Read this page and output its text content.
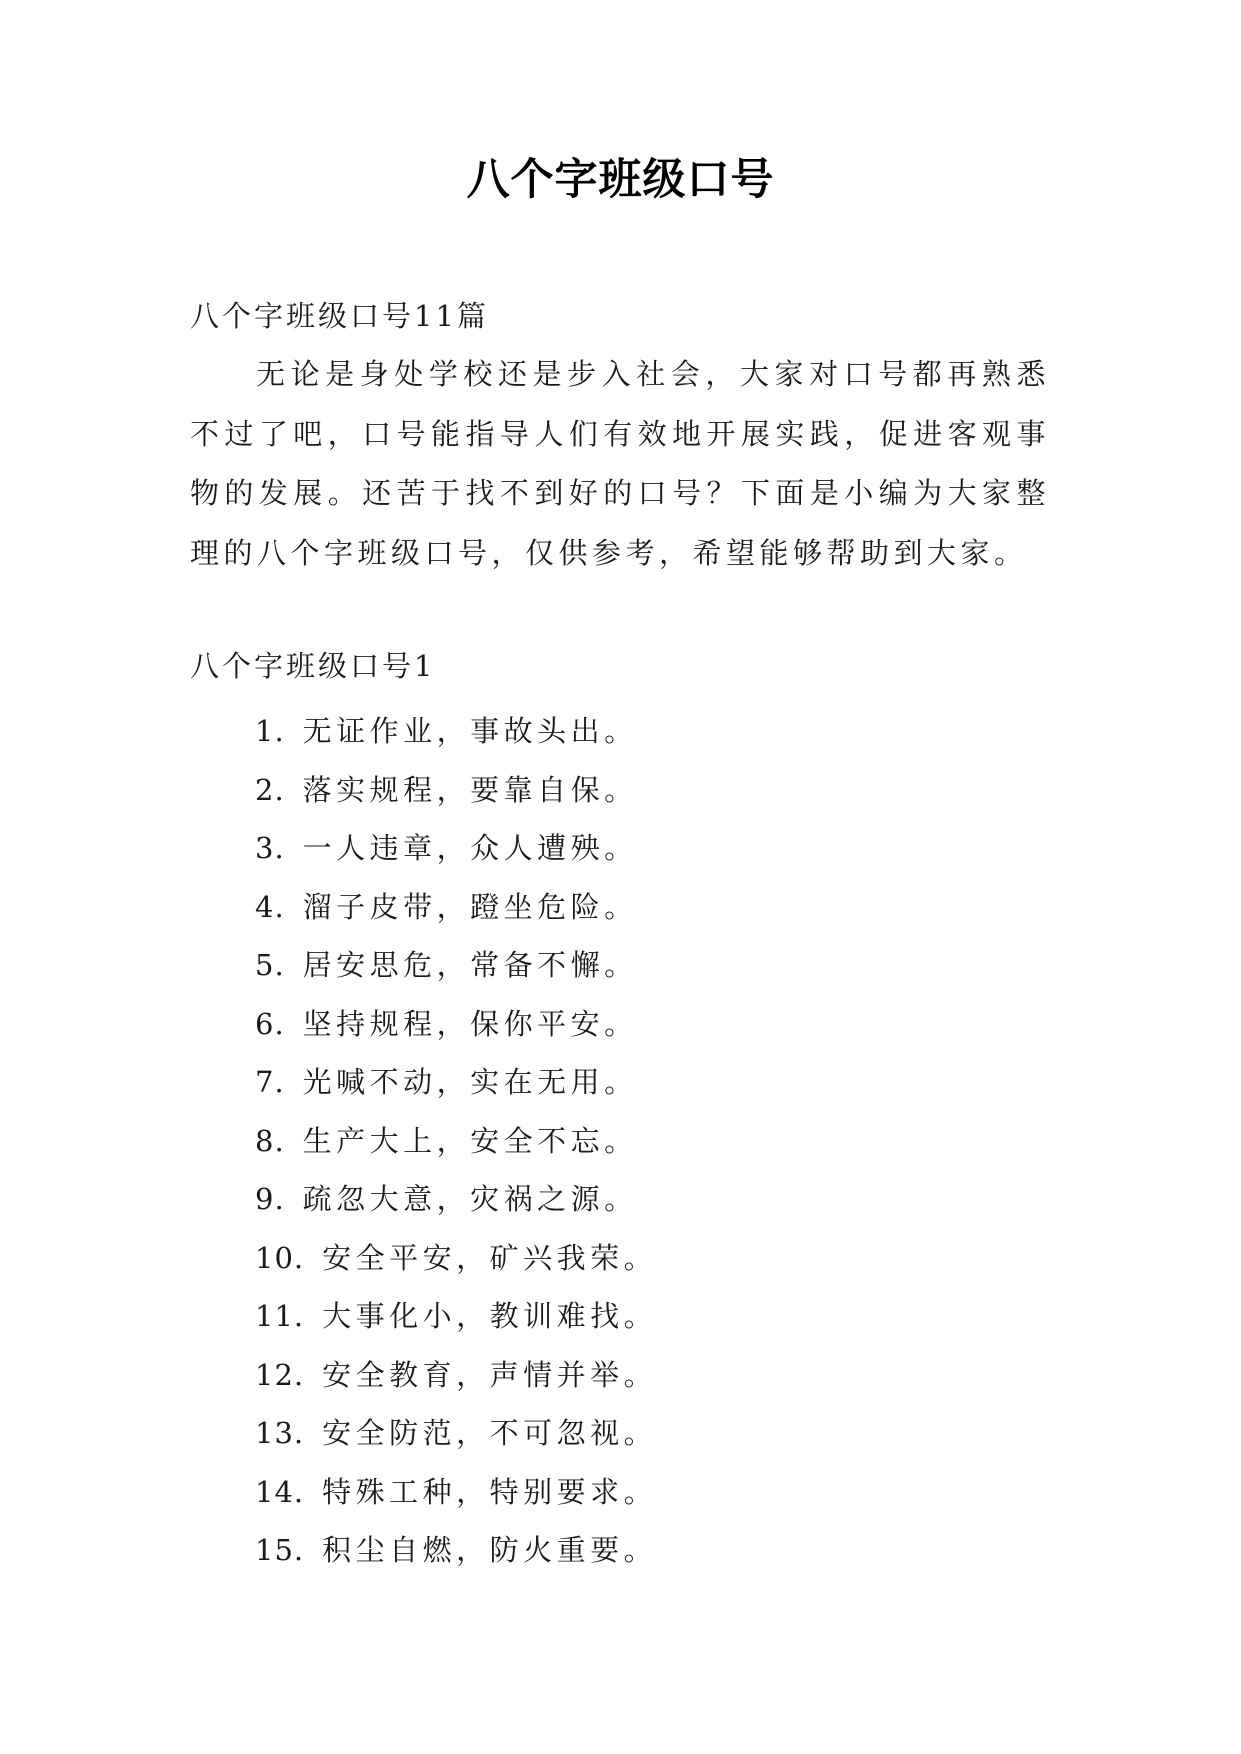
八个字班级口号
八个字班级口号11篇

无论是身处学校还是步入社会，大家对口号都再熟悉不过了吧，口号能指导人们有效地开展实践，促进客观事物的发展。还苦于找不到好的口号？下面是小编为大家整理的八个字班级口号，仅供参考，希望能够帮助到大家。

八个字班级口号1
1. 无证作业，事故头出。
2. 落实规程，要靠自保。
3. 一人违章，众人遭殃。
4. 溜子皮带，蹬坐危险。
5. 居安思危，常备不懈。
6. 坚持规程，保你平安。
7. 光喊不动，实在无用。
8. 生产大上，安全不忘。
9. 疏忽大意，灾祸之源。
10. 安全平安，矿兴我荣。
11. 大事化小，教训难找。
12. 安全教育，声情并举。
13. 安全防范，不可忽视。
14. 特殊工种，特别要求。
15. 积尘自燃，防火重要。
